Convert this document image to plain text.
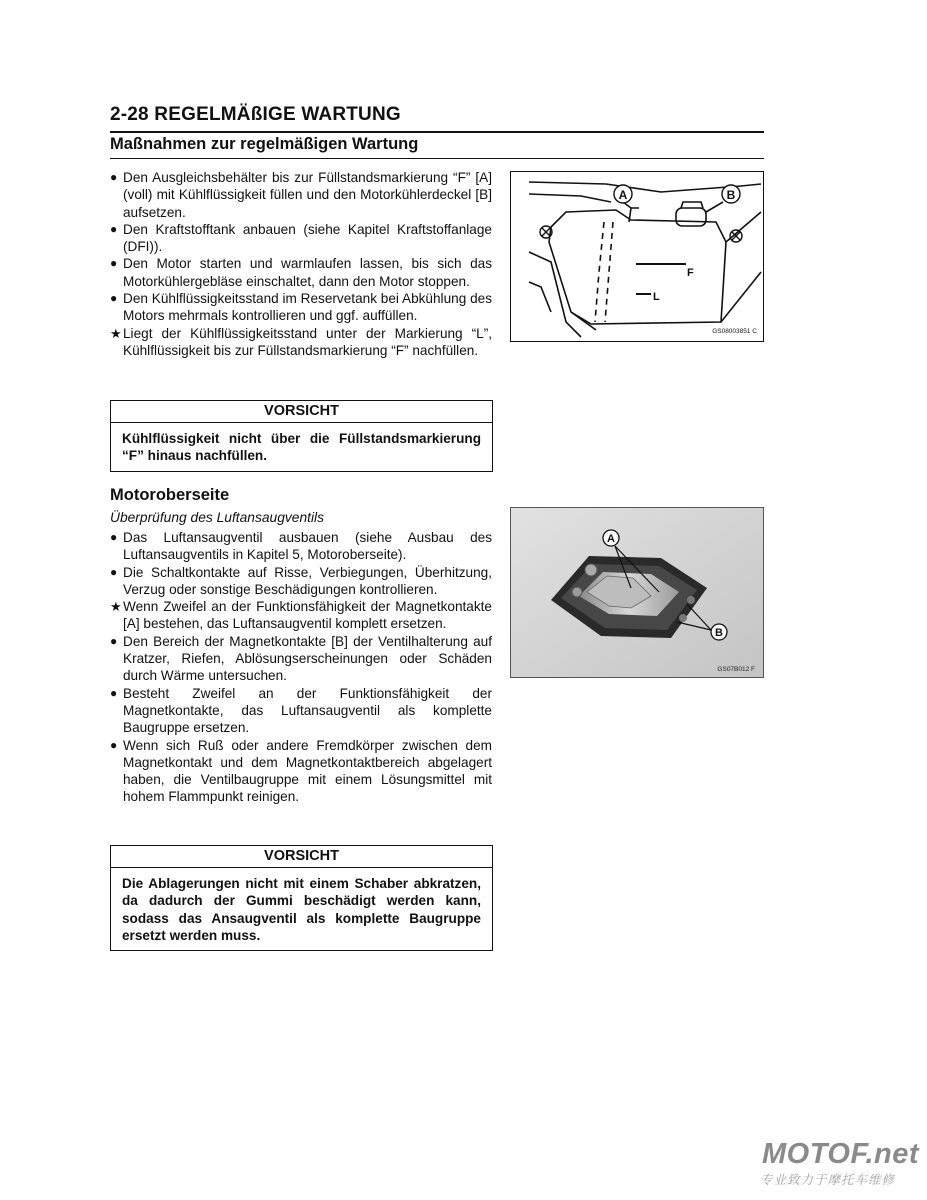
2-28 REGELMÄßIGE WARTUNG
Maßnahmen zur regelmäßigen Wartung
● Den Ausgleichsbehälter bis zur Füllstandsmarkierung “F” [A] (voll) mit Kühlflüssigkeit füllen und den Motorkühlerdeckel [B] aufsetzen.
● Den Kraftstofftank anbauen (siehe Kapitel Kraftstoffanlage (DFI)).
● Den Motor starten und warmlaufen lassen, bis sich das Motorkühlergebläse einschaltet, dann den Motor stoppen.
● Den Kühlflüssigkeitsstand im Reservetank bei Abkühlung des Motors mehrmals kontrollieren und ggf. auffüllen.
★ Liegt der Kühlflüssigkeitsstand unter der Markierung “L”, Kühlflüssigkeit bis zur Füllstandsmarkierung “F” nachfüllen.
VORSICHT
Kühlflüssigkeit nicht über die Füllstandsmarkierung “F” hinaus nachfüllen.
Motoroberseite
Überprüfung des Luftansaugventils
● Das Luftansaugventil ausbauen (siehe Ausbau des Luftansaugventils in Kapitel 5, Motoroberseite).
● Die Schaltkontakte auf Risse, Verbiegungen, Überhitzung, Verzug oder sonstige Beschädigungen kontrollieren.
★ Wenn Zweifel an der Funktionsfähigkeit der Magnetkontakte [A] bestehen, das Luftansaugventil komplett ersetzen.
● Den Bereich der Magnetkontakte [B] der Ventilhalterung auf Kratzer, Riefen, Ablösungserscheinungen oder Schäden durch Wärme untersuchen.
● Besteht Zweifel an der Funktionsfähigkeit der Magnetkontakte, das Luftansaugventil als komplette Baugruppe ersetzen.
● Wenn sich Ruß oder andere Fremdkörper zwischen dem Magnetkontakt und dem Magnetkontaktbereich abgelagert haben, die Ventilbaugruppe mit einem Lösungsmittel mit hohem Flammpunkt reinigen.
VORSICHT
Die Ablagerungen nicht mit einem Schaber abkratzen, da dadurch der Gummi beschädigt werden kann, sodass das Ansaugventil als komplette Baugruppe ersetzt werden muss.
A	B
F
L
GS08003851 C
A
B
GS07B012 F
MOTOF.net
专业致力于摩托车维修
